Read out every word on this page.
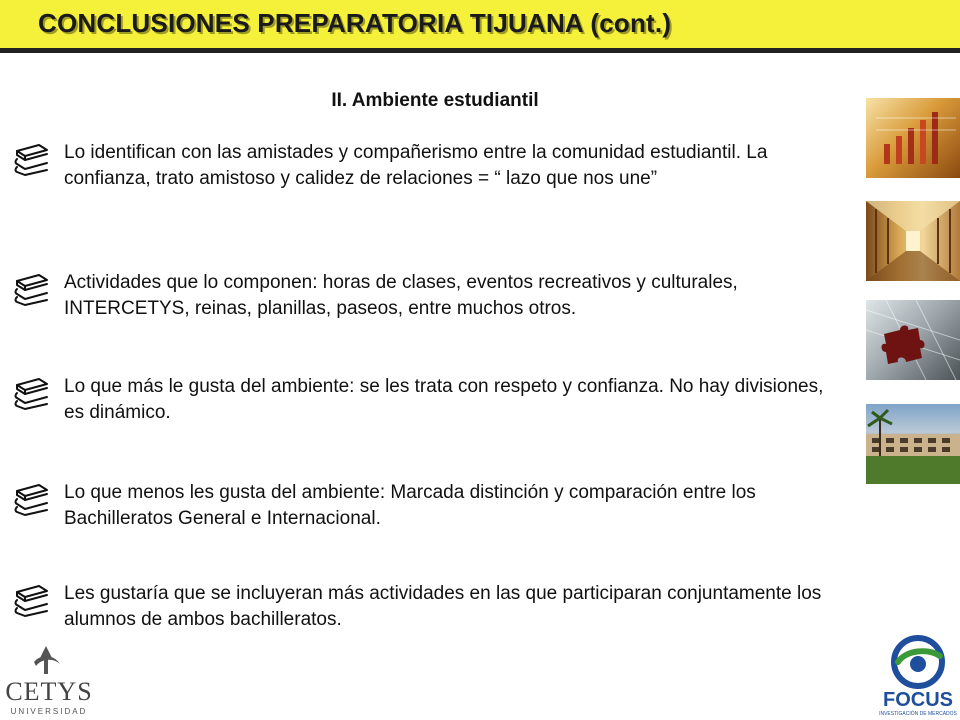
CONCLUSIONES PREPARATORIA TIJUANA (cont.)
II. Ambiente estudiantil
Lo identifican con las amistades y compañerismo entre la comunidad estudiantil. La confianza, trato amistoso y calidez de relaciones = “ lazo que nos une”
Actividades que lo componen: horas de clases, eventos recreativos y culturales, INTERCETYS, reinas, planillas, paseos, entre muchos otros.
Lo que más le gusta del ambiente: se les trata con respeto y confianza. No hay divisiones, es dinámico.
Lo que menos les gusta del ambiente: Marcada distinción y comparación entre los Bachilleratos General e Internacional.
Les gustaría que se incluyeran más actividades en las que participaran conjuntamente los alumnos de ambos bachilleratos.
CETYS
UNIVERSIDAD
FOCUS
INVESTIGACIÓN DE MERCADOS
